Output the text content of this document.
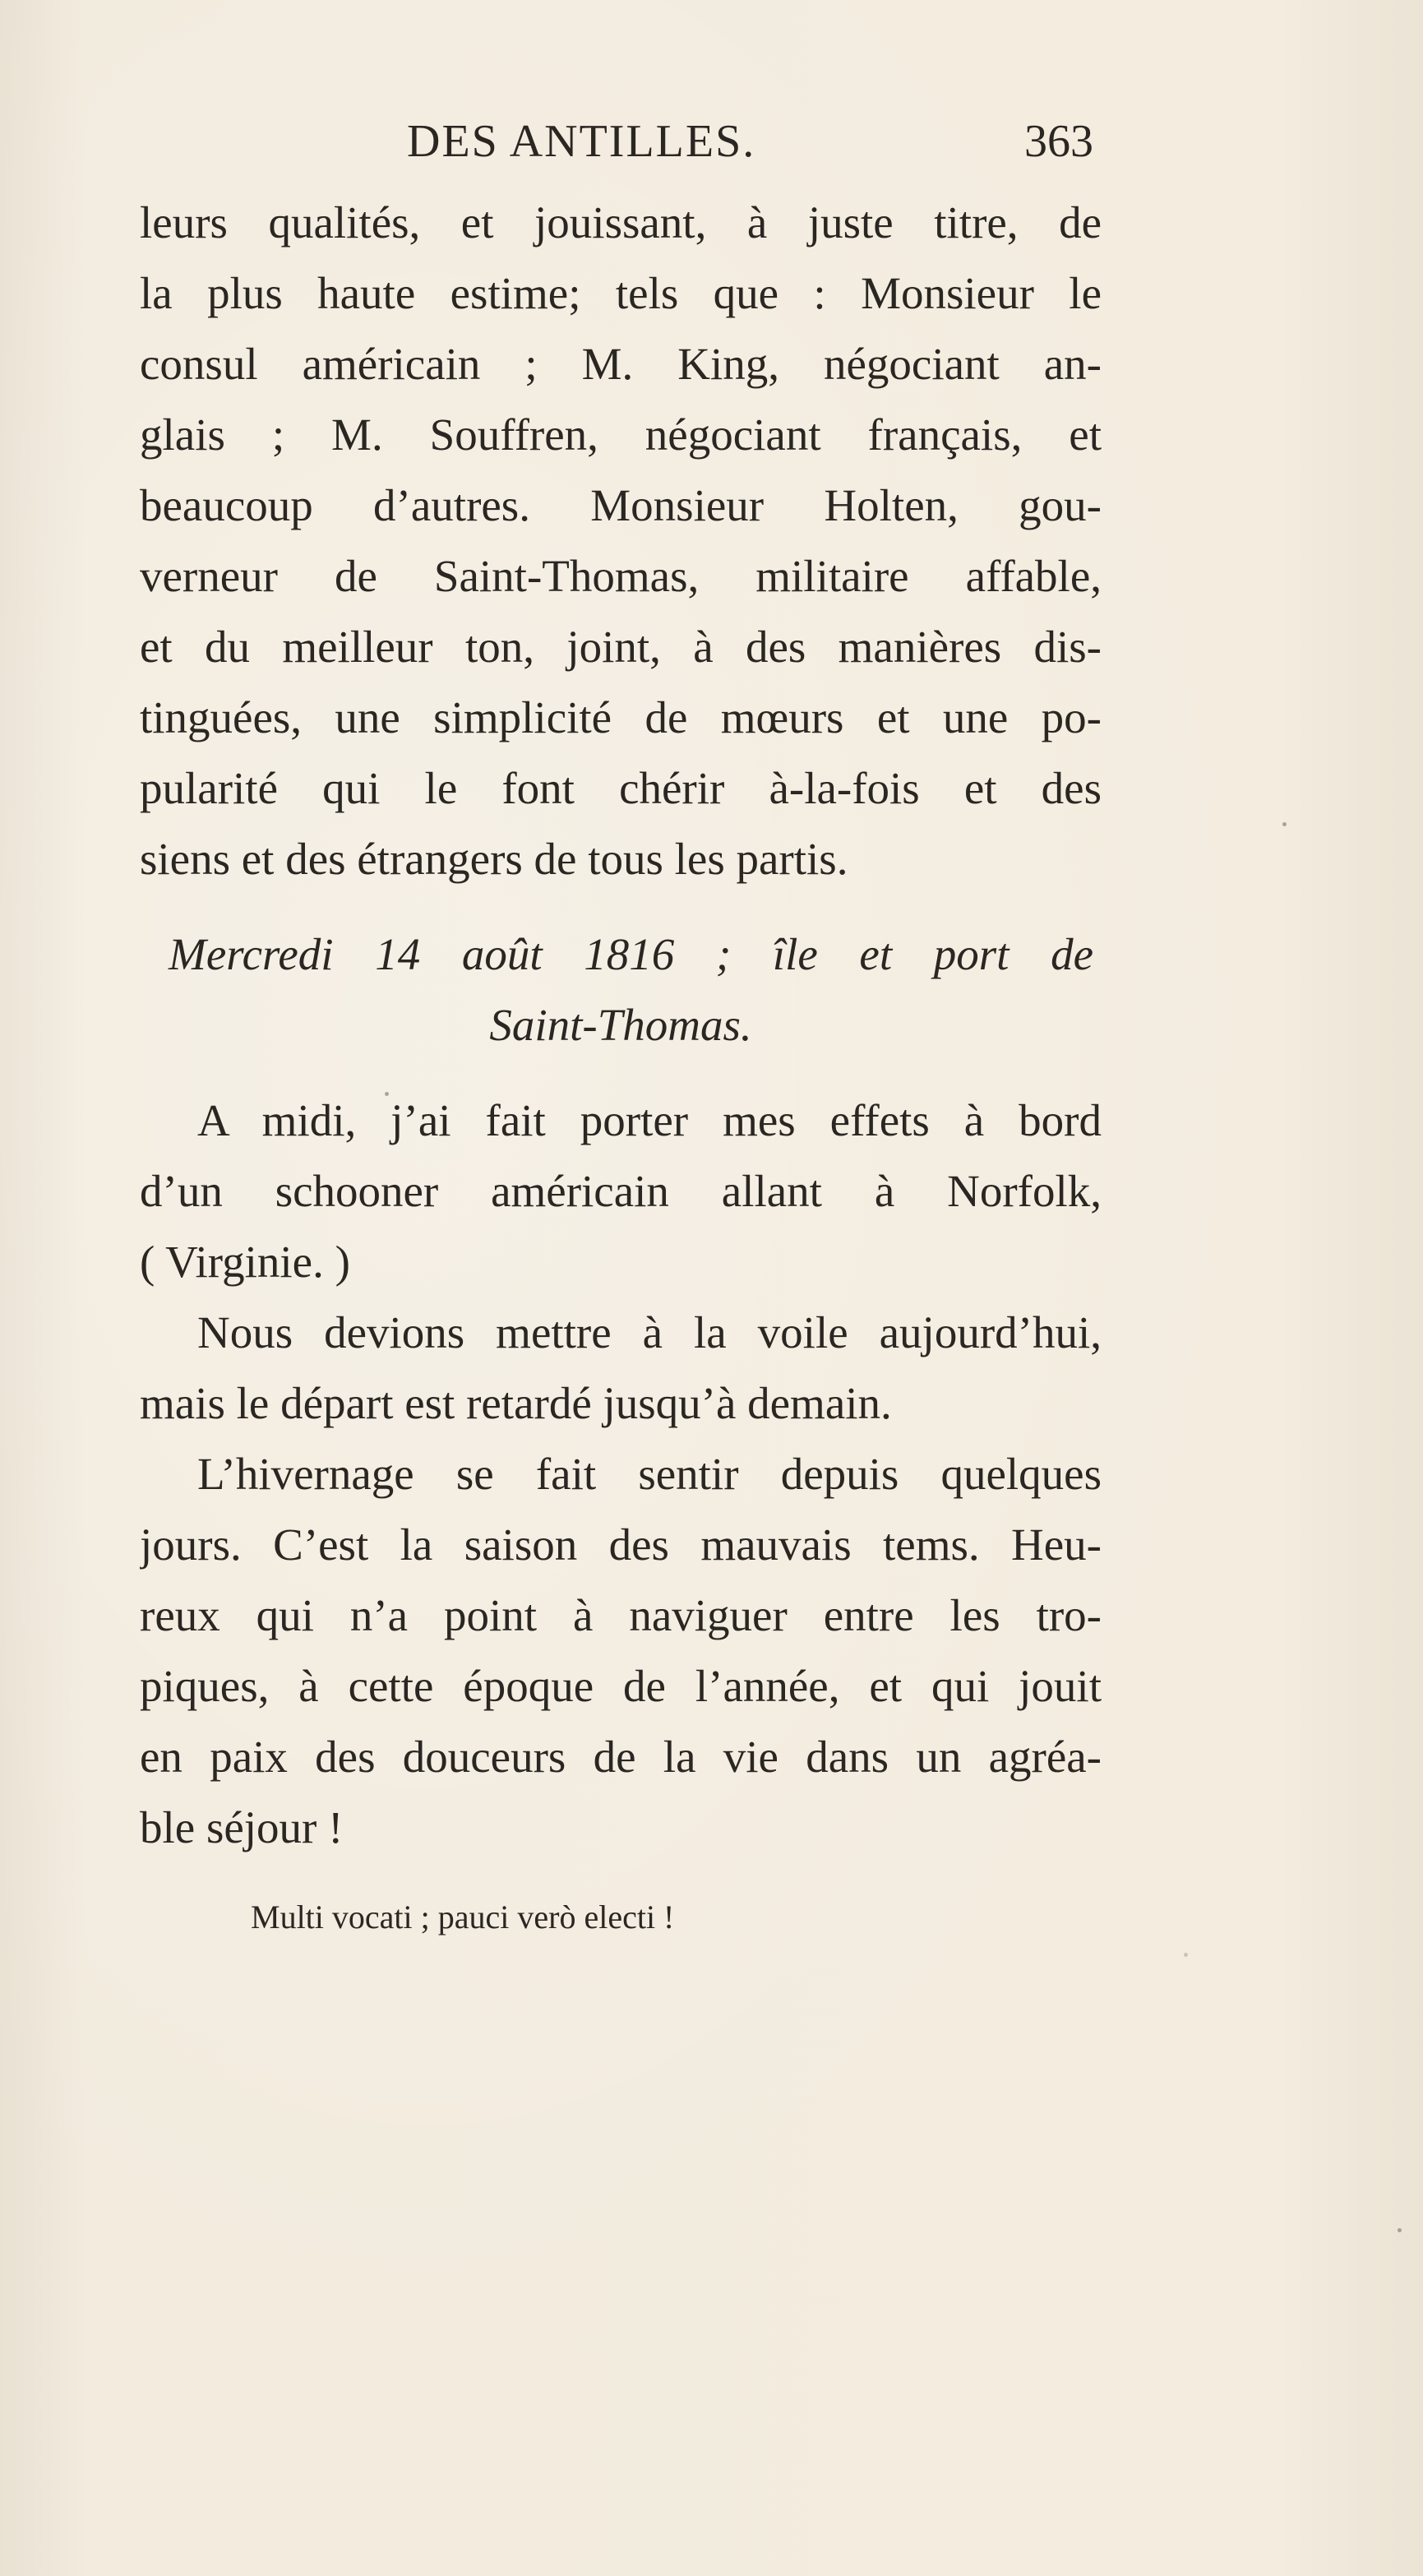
DES ANTILLES.	363
leurs qualités, et jouissant, à juste titre, de
la plus haute estime; tels que : Monsieur le
consul américain ; M. King, négociant an-
glais ; M. Souffren, négociant français, et
beaucoup d’autres. Monsieur Holten, gou-
verneur de Saint-Thomas, militaire affable,
et du meilleur ton, joint, à des manières dis-
tinguées, une simplicité de mœurs et une po-
pularité qui le font chérir à-la-fois et des
siens et des étrangers de tous les partis.
Mercredi 14 août 1816 ; île et port de
Saint-Thomas.
A midi, j’ai fait porter mes effets à bord
d’un schooner américain allant à Norfolk,
( Virginie. )
Nous devions mettre à la voile aujourd’hui,
mais le départ est retardé jusqu’à demain.
L’hivernage se fait sentir depuis quelques
jours. C’est la saison des mauvais tems. Heu-
reux qui n’a point à naviguer entre les tro-
piques, à cette époque de l’année, et qui jouit
en paix des douceurs de la vie dans un agréa-
ble séjour !
Multi vocati ; pauci verò electi !
